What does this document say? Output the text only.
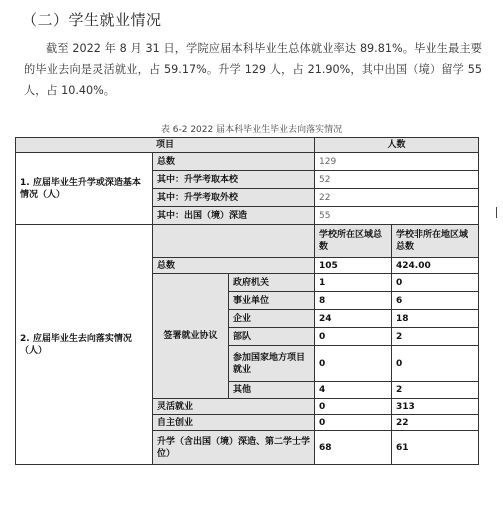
（二）学生就业情况
截至 2022 年 8 月 31 日，学院应届本科毕业生总体就业率达 89.81%。毕业生最主要的毕业去向是灵活就业，占 59.17%。升学 129 人，占 21.90%，其中出国（境）留学 55 人，占 10.40%。
表 6-2 2022 届本科毕业生毕业去向落实情况
项目			人数	
1. 应届毕业生升学或深造基本情况（人）	总数		129	
	其中：升学考取本校		52	
	其中：升学考取外校		22	
	其中：出国（境）深造		55	
2. 应届毕业生去向落实情况（人）			学校所在区域总数	学校非所在地区域总数
	总数		105	424.00
	签署就业协议	政府机关	1	0
		事业单位	8	6
		企业	24	18
		部队	0	2
		参加国家地方项目就业	0	0
		其他	4	2
	灵活就业		0	313
	自主创业		0	22
	升学（含出国（境）深造、第二学士学位）		68	61
